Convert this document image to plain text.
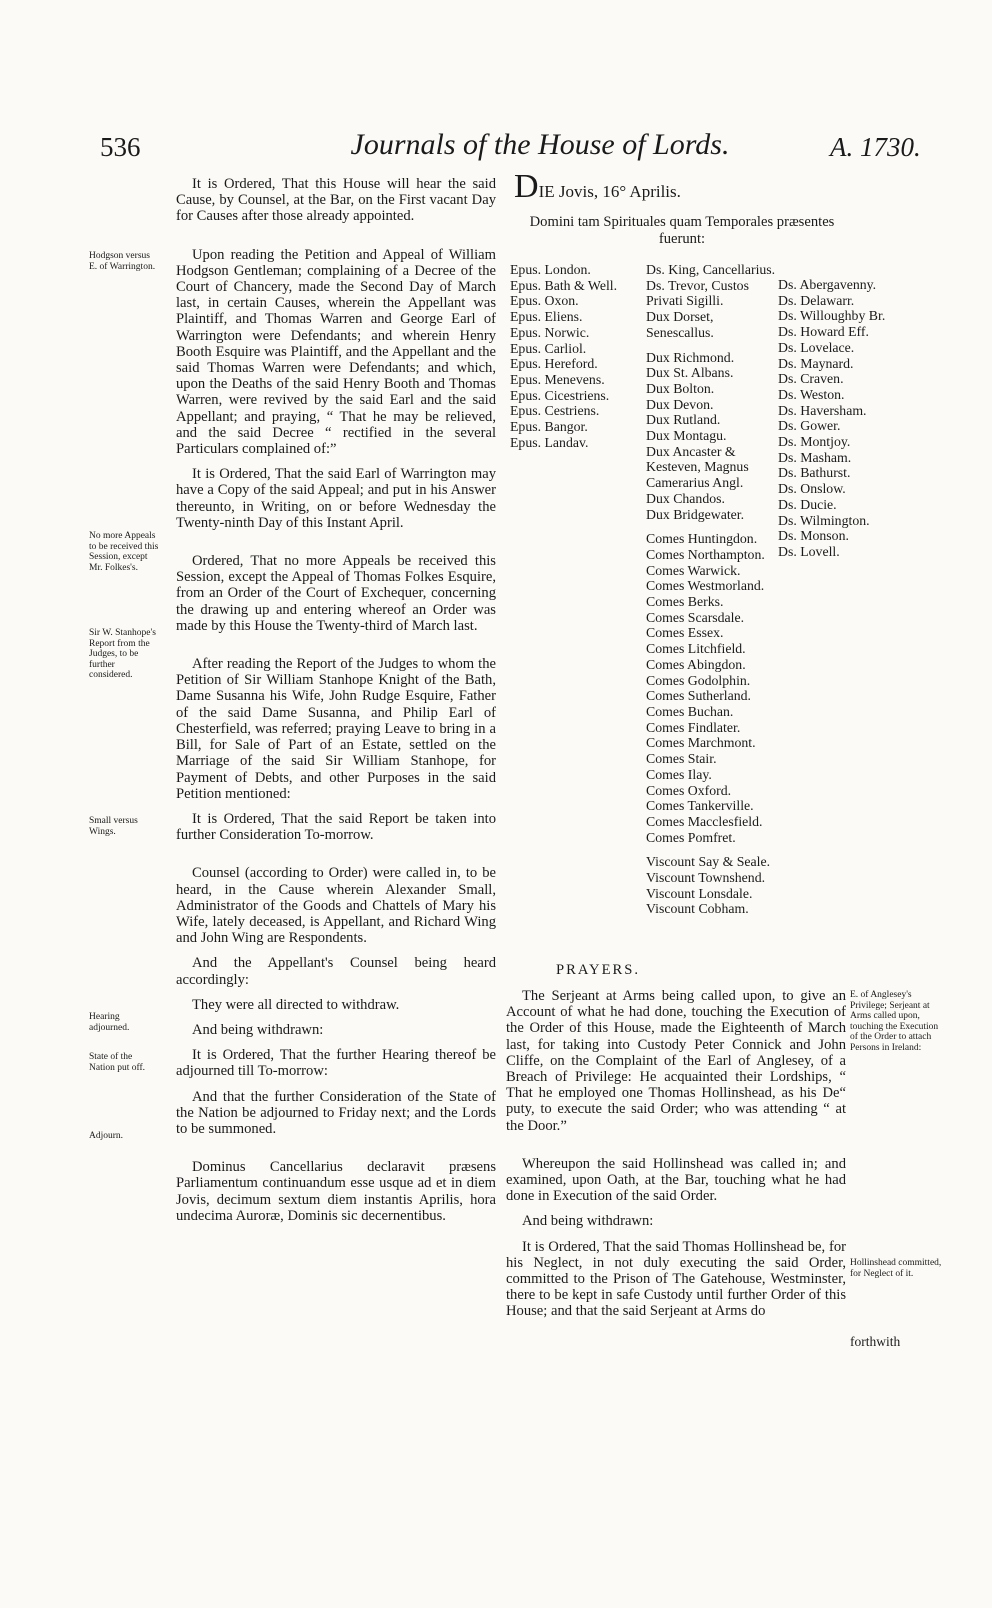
536	Journals of the House of Lords.	A. 1730.
Hodgson versus E. of Warrington.
No more Appeals to be received this Session, except Mr. Folkes's.
Sir W. Stanhope's Report from the Judges, to be further considered.
Small versus Wings.
Hearing adjourned.
State of the Nation put off.
Adjourn.

It is Ordered, That this House will hear the said Cause, by Counsel, at the Bar, on the First vacant Day for Causes after those already appointed.

Upon reading the Petition and Appeal of William Hodgson Gentleman; complaining of a Decree of the Court of Chancery, made the Second Day of March last, in certain Causes, wherein the Appellant was Plaintiff, and Thomas Warren and George Earl of Warrington were Defendants; and wherein Henry Booth Esquire was Plaintiff, and the Appellant and the said Thomas Warren were Defendants; and which, upon the Deaths of the said Henry Booth and Thomas Warren, were revived by the said Earl and the said Appellant; and praying, “ That he may be relieved, and the said Decree “ rectified in the several Particulars complained of:”

It is Ordered, That the said Earl of Warrington may have a Copy of the said Appeal; and put in his Answer thereunto, in Writing, on or before Wednesday the Twenty-ninth Day of this Instant April.

Ordered, That no more Appeals be received this Session, except the Appeal of Thomas Folkes Esquire, from an Order of the Court of Exchequer, concerning the drawing up and entering whereof an Order was made by this House the Twenty-third of March last.

After reading the Report of the Judges to whom the Petition of Sir William Stanhope Knight of the Bath, Dame Susanna his Wife, John Rudge Esquire, Father of the said Dame Susanna, and Philip Earl of Chesterfield, was referred; praying Leave to bring in a Bill, for Sale of Part of an Estate, settled on the Marriage of the said Sir William Stanhope, for Payment of Debts, and other Purposes in the said Petition mentioned:

It is Ordered, That the said Report be taken into further Consideration To-morrow.

Counsel (according to Order) were called in, to be heard, in the Cause wherein Alexander Small, Administrator of the Goods and Chattels of Mary his Wife, lately deceased, is Appellant, and Richard Wing and John Wing are Respondents.

And the Appellant's Counsel being heard accordingly:

They were all directed to withdraw.

And being withdrawn:

It is Ordered, That the further Hearing thereof be adjourned till To-morrow:

And that the further Consideration of the State of the Nation be adjourned to Friday next; and the Lords to be summoned.

Dominus Cancellarius declaravit præsens Parliamentum continuandum esse usque ad et in diem Jovis, decimum sextum diem instantis Aprilis, hora undecima Auroræ, Dominis sic decernentibus.

DIE Jovis, 16° Aprilis.
Domini tam Spirituales quam Temporales præsentes fuerunt:
Epus. London.
Epus. Bath & Well.
Epus. Oxon.
Epus. Eliens.
Epus. Norwic.
Epus. Carliol.
Epus. Hereford.
Epus. Menevens.
Epus. Cicestriens.
Epus. Cestriens.
Epus. Bangor.
Epus. Landav.
Ds. King, Cancellarius.
Ds. Trevor, Custos Privati Sigilli.
Dux Dorset, Senescallus.
Dux Richmond.
Dux St. Albans.
Dux Bolton.
Dux Devon.
Dux Rutland.
Dux Montagu.
Dux Ancaster & Kesteven, Magnus Camerarius Angl.
Dux Chandos.
Dux Bridgewater.
Comes Huntingdon.
Comes Northampton.
Comes Warwick.
Comes Westmorland.
Comes Berks.
Comes Scarsdale.
Comes Essex.
Comes Litchfield.
Comes Abingdon.
Comes Godolphin.
Comes Sutherland.
Comes Buchan.
Comes Findlater.
Comes Marchmont.
Comes Stair.
Comes Ilay.
Comes Oxford.
Comes Tankerville.
Comes Macclesfield.
Comes Pomfret.
Viscount Say & Seale.
Viscount Townshend.
Viscount Lonsdale.
Viscount Cobham.
Ds. Abergavenny.
Ds. Delawarr.
Ds. Willoughby Br.
Ds. Howard Eff.
Ds. Lovelace.
Ds. Maynard.
Ds. Craven.
Ds. Weston.
Ds. Haversham.
Ds. Gower.
Ds. Montjoy.
Ds. Masham.
Ds. Bathurst.
Ds. Onslow.
Ds. Ducie.
Ds. Wilmington.
Ds. Monson.
Ds. Lovell.
PRAYERS.
E. of Anglesey's Privilege; Serjeant at Arms called upon, touching the Execution of the Order to attach Persons in Ireland:
Hollinshead committed, for Neglect of it.

The Serjeant at Arms being called upon, to give an Account of what he had done, touching the Execution of the Order of this House, made the Eighteenth of March last, for taking into Custody Peter Connick and John Cliffe, on the Complaint of the Earl of Anglesey, of a Breach of Privilege: He acquainted their Lordships, “ That he employed one Thomas Hollinshead, as his De“ puty, to execute the said Order; who was attending “ at the Door.”

Whereupon the said Hollinshead was called in; and examined, upon Oath, at the Bar, touching what he had done in Execution of the said Order.

And being withdrawn:

It is Ordered, That the said Thomas Hollinshead be, for his Neglect, in not duly executing the said Order, committed to the Prison of The Gatehouse, Westminster, there to be kept in safe Custody until further Order of this House; and that the said Serjeant at Arms do

forthwith
